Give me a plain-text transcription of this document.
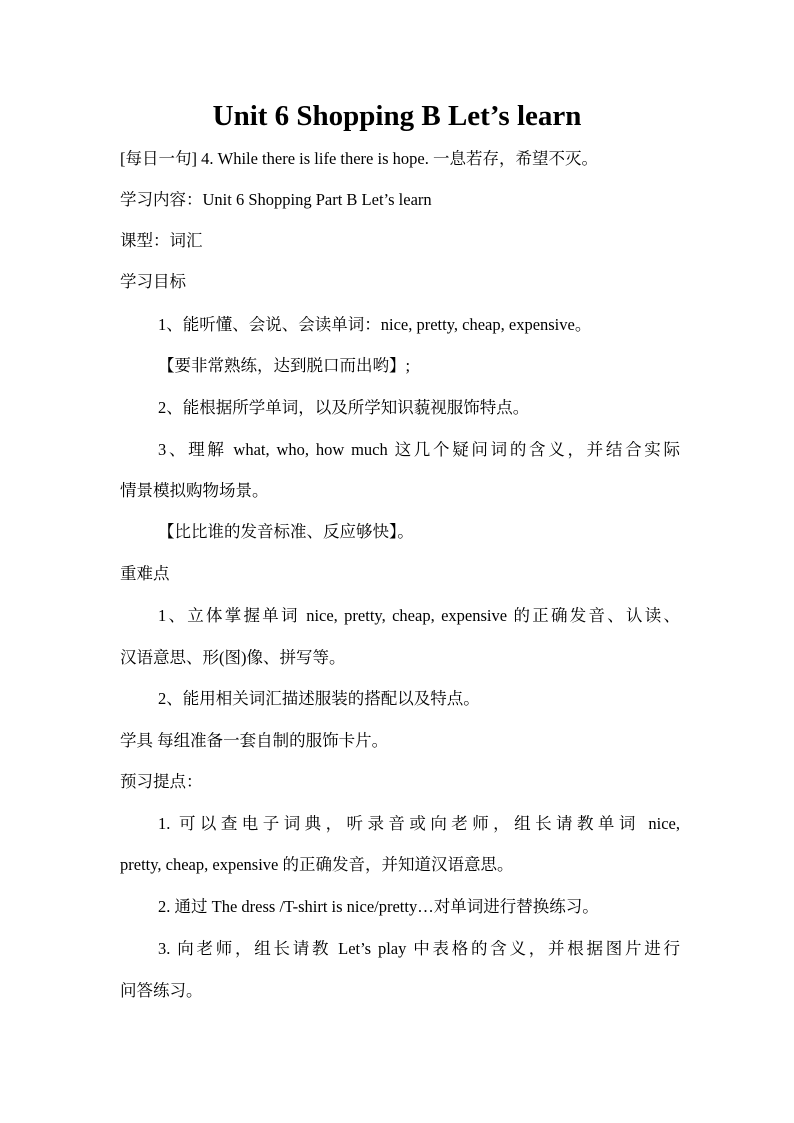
Unit 6 Shopping B Let’s learn
[每日一句] 4. While there is life there is hope. 一息若存，希望不灭。
学习内容：Unit 6 Shopping Part B Let’s learn
课型：词汇
学习目标
1、能听懂、会说、会读单词：nice, pretty, cheap, expensive。
【要非常熟练，达到脱口而出哟】;
2、能根据所学单词，以及所学知识藐视服饰特点。
3、理解 what, who, how much 这几个疑问词的含义，并结合实际
情景模拟购物场景。
【比比谁的发音标准、反应够快】。
重难点
1、立体掌握单词 nice, pretty, cheap, expensive 的正确发音、认读、
汉语意思、形(图)像、拼写等。
2、能用相关词汇描述服装的搭配以及特点。
学具 每组准备一套自制的服饰卡片。
预习提点：
1. 可以查电子词典，听录音或向老师，组长请教单词 nice,
pretty, cheap, expensive 的正确发音，并知道汉语意思。
2. 通过 The dress /T-shirt is nice/pretty…对单词进行替换练习。
3. 向老师，组长请教 Let’s play 中表格的含义，并根据图片进行
问答练习。
